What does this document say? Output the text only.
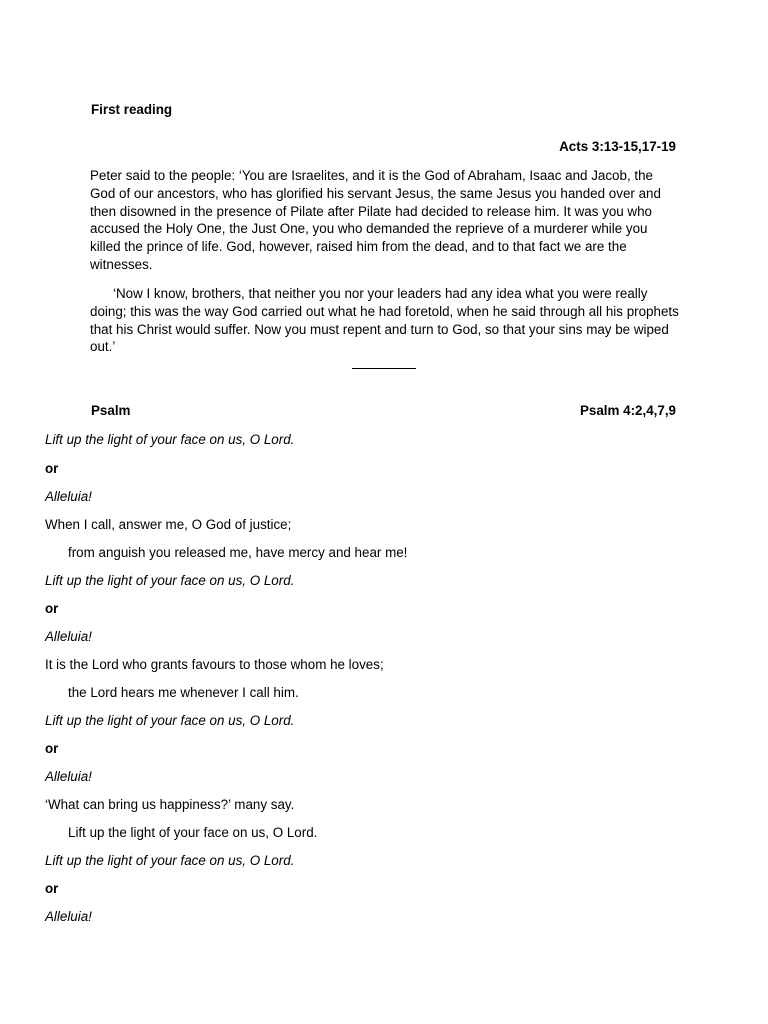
First reading
Acts 3:13-15,17-19
Peter said to the people: ‘You are Israelites, and it is the God of Abraham, Isaac and Jacob, the God of our ancestors, who has glorified his servant Jesus, the same Jesus you handed over and then disowned in the presence of Pilate after Pilate had decided to release him. It was you who accused the Holy One, the Just One, you who demanded the reprieve of a murderer while you killed the prince of life. God, however, raised him from the dead, and to that fact we are the witnesses.
‘Now I know, brothers, that neither you nor your leaders had any idea what you were really doing; this was the way God carried out what he had foretold, when he said through all his prophets that his Christ would suffer. Now you must repent and turn to God, so that your sins may be wiped out.’
Psalm	Psalm 4:2,4,7,9
Lift up the light of your face on us, O Lord.
or
Alleluia!
When I call, answer me, O God of justice;
from anguish you released me, have mercy and hear me!
Lift up the light of your face on us, O Lord.
or
Alleluia!
It is the Lord who grants favours to those whom he loves;
the Lord hears me whenever I call him.
Lift up the light of your face on us, O Lord.
or
Alleluia!
‘What can bring us happiness?’ many say.
Lift up the light of your face on us, O Lord.
Lift up the light of your face on us, O Lord.
or
Alleluia!
